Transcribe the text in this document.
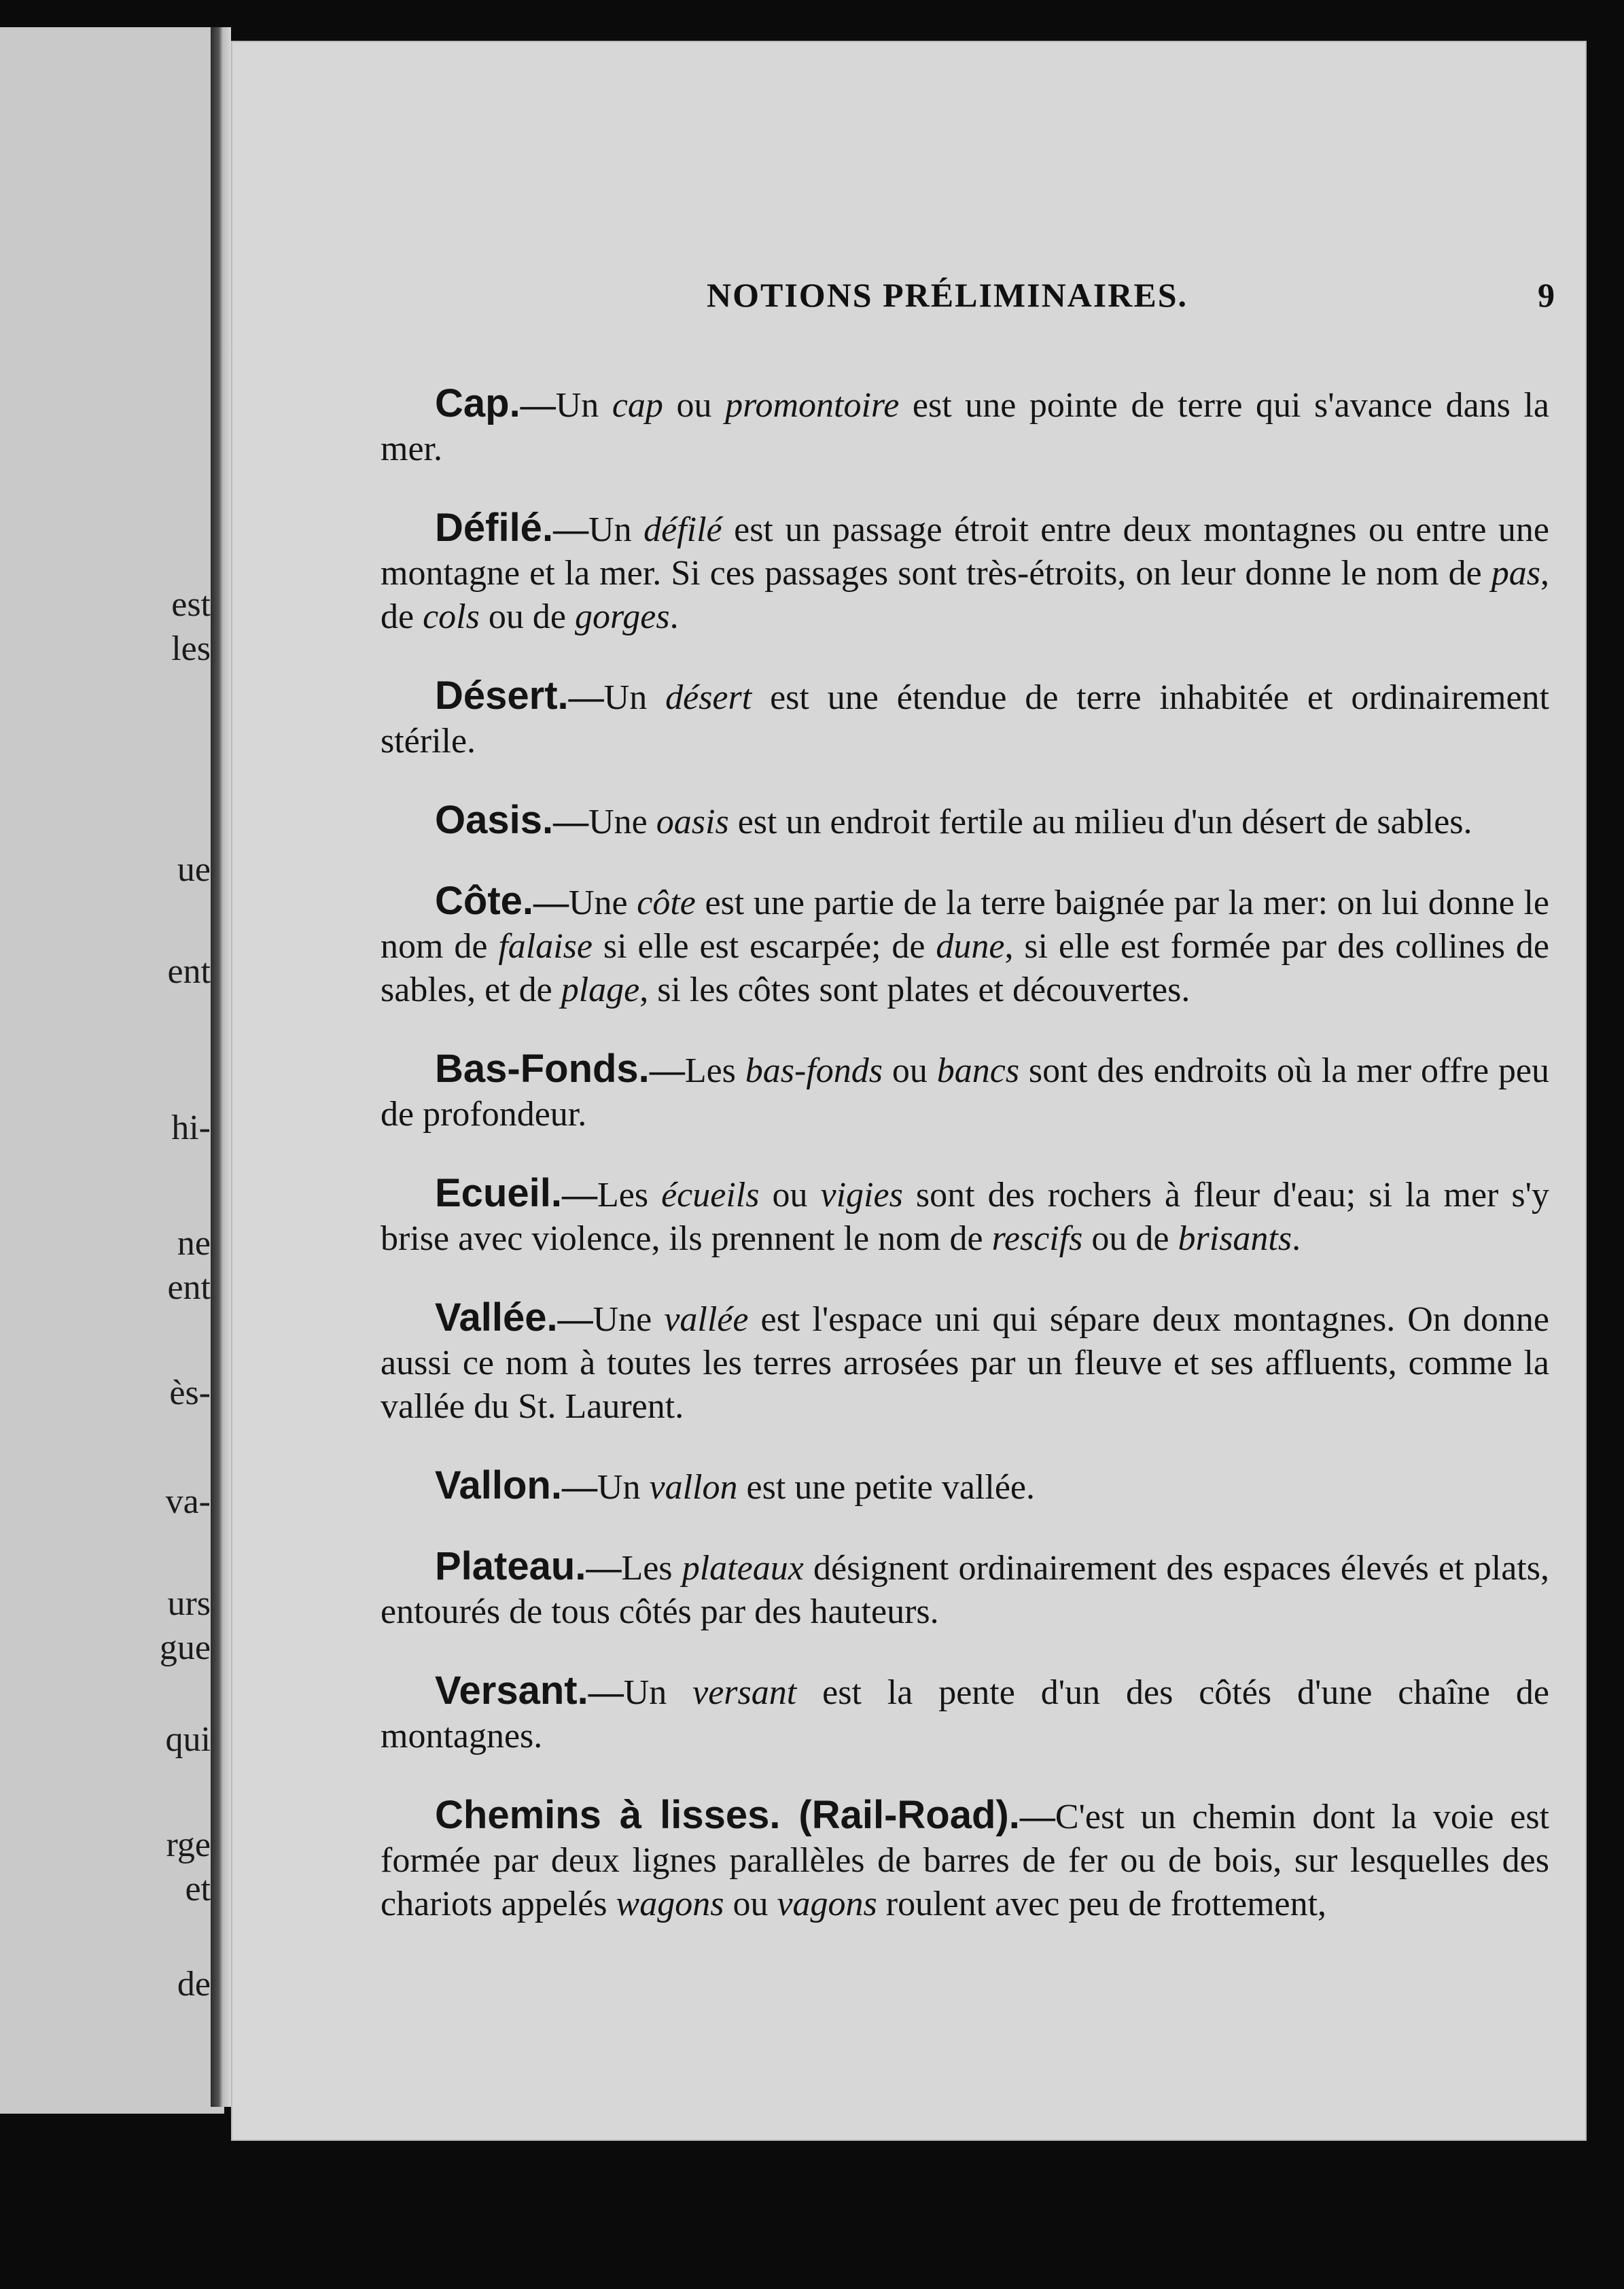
est
les
ue
ent
hi-
ne
ent
ès-
va-
urs
gue
qui
rge
et
de
NOTIONS PRÉLIMINAIRES.	9

Cap.—Un cap ou promontoire est une pointe de terre qui s'avance dans la mer.

Défilé.—Un défilé est un passage étroit entre deux montagnes ou entre une montagne et la mer. Si ces passages sont très-étroits, on leur donne le nom de pas, de cols ou de gorges.

Désert.—Un désert est une étendue de terre inhabitée et ordinairement stérile.

Oasis.—Une oasis est un endroit fertile au milieu d'un désert de sables.

Côte.—Une côte est une partie de la terre baignée par la mer: on lui donne le nom de falaise si elle est escarpée; de dune, si elle est formée par des collines de sables, et de plage, si les côtes sont plates et découvertes.

Bas-Fonds.—Les bas-fonds ou bancs sont des endroits où la mer offre peu de profondeur.

Ecueil.—Les écueils ou vigies sont des rochers à fleur d'eau; si la mer s'y brise avec violence, ils prennent le nom de rescifs ou de brisants.

Vallée.—Une vallée est l'espace uni qui sépare deux montagnes. On donne aussi ce nom à toutes les terres arrosées par un fleuve et ses affluents, comme la vallée du St. Laurent.

Vallon.—Un vallon est une petite vallée.

Plateau.—Les plateaux désignent ordinairement des espaces élevés et plats, entourés de tous côtés par des hauteurs.

Versant.—Un versant est la pente d'un des côtés d'une chaîne de montagnes.

Chemins à lisses. (Rail-Road).—C'est un chemin dont la voie est formée par deux lignes parallèles de barres de fer ou de bois, sur lesquelles des chariots appelés wagons ou vagons roulent avec peu de frottement,
